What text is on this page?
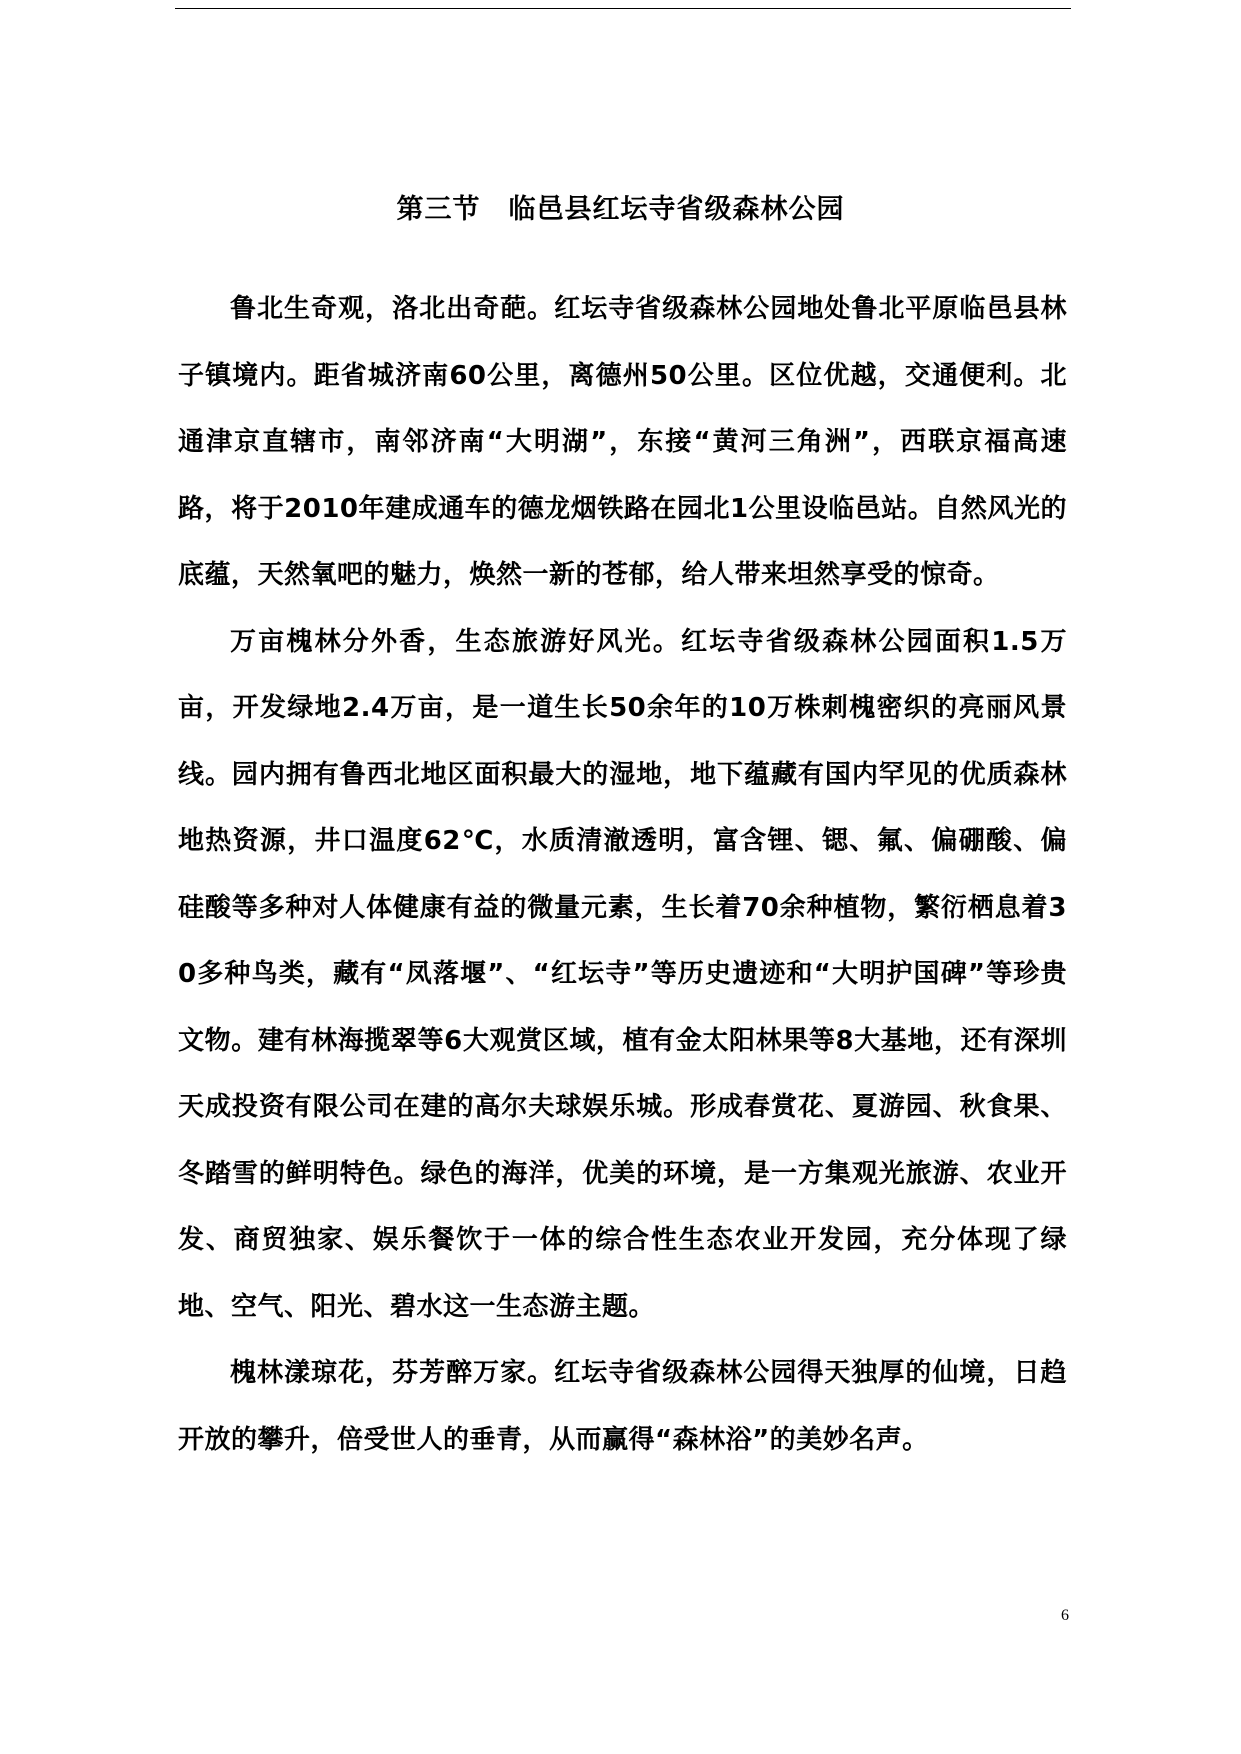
第三节　临邑县红坛寺省级森林公园

鲁北生奇观，洛北出奇葩。红坛寺省级森林公园地处鲁北平原临邑县林子镇境内。距省城济南60公里，离德州50公里。区位优越，交通便利。北通津京直辖市，南邻济南“大明湖”，东接“黄河三角洲”，西联京福高速路，将于2010年建成通车的德龙烟铁路在园北1公里设临邑站。自然风光的底蕴，天然氧吧的魅力，焕然一新的苍郁，给人带来坦然享受的惊奇。

万亩槐林分外香，生态旅游好风光。红坛寺省级森林公园面积1.5万亩，开发绿地2.4万亩，是一道生长50余年的10万株刺槐密织的亮丽风景线。园内拥有鲁西北地区面积最大的湿地，地下蕴藏有国内罕见的优质森林地热资源，井口温度62℃，水质清澈透明，富含锂、锶、氟、偏硼酸、偏硅酸等多种对人体健康有益的微量元素，生长着70余种植物，繁衍栖息着30多种鸟类，藏有“凤落堰”、“红坛寺”等历史遗迹和“大明护国碑”等珍贵文物。建有林海揽翠等6大观赏区域，植有金太阳林果等8大基地，还有深圳天成投资有限公司在建的高尔夫球娱乐城。形成春赏花、夏游园、秋食果、冬踏雪的鲜明特色。绿色的海洋，优美的环境，是一方集观光旅游、农业开发、商贸独家、娱乐餐饮于一体的综合性生态农业开发园，充分体现了绿地、空气、阳光、碧水这一生态游主题。

槐林漾琼花，芬芳醉万家。红坛寺省级森林公园得天独厚的仙境，日趋开放的攀升，倍受世人的垂青，从而赢得“森林浴”的美妙名声。

6
